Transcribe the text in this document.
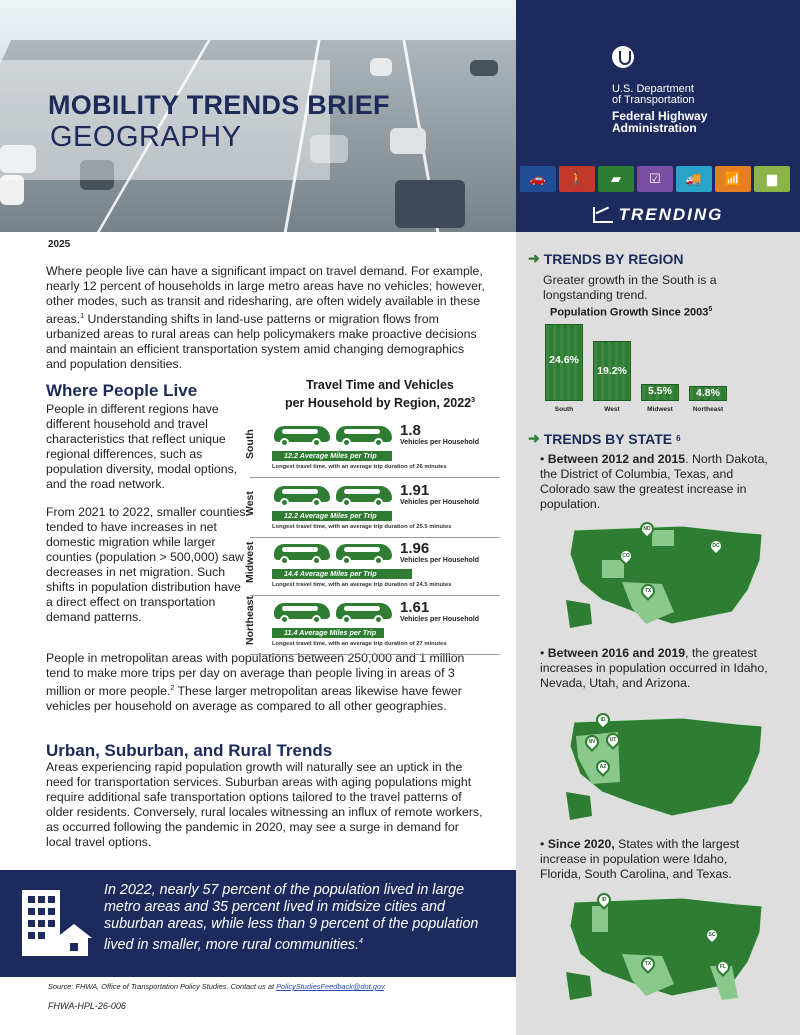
MOBILITY TRENDS BRIEF
GEOGRAPHY
U.S. Department
of Transportation
Federal Highway
Administration
🚗	🚶	▰	☑	🚚	📶	▆
TRENDING
2025
Where people live can have a significant impact on travel demand. For example, nearly 12 percent of households in large metro areas have no vehicles; however, other modes, such as transit and ridesharing, are often widely available in these areas.$^1$ Understanding shifts in land-use patterns or migration flows from urbanized areas to rural areas can help policymakers make proactive decisions and maintain an efficient transportation system amid changing demographics and population densities.
Where People Live
People in different regions have different household and travel characteristics that reflect unique regional differences, such as population diversity, modal options, and the road network.
From 2021 to 2022, smaller counties tended to have increases in net domestic migration while larger counties (population > 500,000) saw decreases in net migration. Such shifts in population distribution have a direct effect on transportation demand patterns.
People in metropolitan areas with populations between 250,000 and 1 million tend to make more trips per day on average than people living in areas of 3 million or more people.$^2$ These larger metropolitan areas likewise have fewer vehicles per household on average as compared to all other geographies.
Urban, Suburban, and Rural Trends
Areas experiencing rapid population growth will naturally see an uptick in the need for transportation services. Suburban areas with aging populations might require additional safe transportation options tailored to the travel patterns of older residents. Conversely, rural locales witnessing an influx of remote workers, as occurred following the pandemic in 2020, may see a surge in demand for local travel options.
Travel Time and Vehicles
per Household by Region, 2022$^3$
South	1.8
Vehicles per Household
12.2 Average Miles per Trip
Longest travel time, with an average trip duration of 26 minutes
West
1.91
Vehicles per Household
12.2 Average Miles per Trip
Longest travel time, with an average trip duration of 25.5 minutes
Midwest	1.96
Vehicles per Household
14.4 Average Miles per Trip
Longest travel time, with an average trip duration of 24.5 minutes
Northeast	1.61
Vehicles per Household
11.4 Average Miles per Trip
Longest travel time, with an average trip duration of 27 minutes
➜ TRENDS BY REGION
Greater growth in the South is a longstanding trend.
Population Growth Since 2003$^5$
24.6%
South
19.2%
West
5.5%
Midwest
4.8%
Northeast
➜ TRENDS BY STATE 6
• Between 2012 and 2015. North Dakota, the District of Columbia, Texas, and Colorado saw the greatest increase in population.
• Between 2016 and 2019, the greatest increases in population occurred in Idaho, Nevada, Utah, and Arizona.
• Since 2020, States with the largest increase in population were Idaho, Florida, South Carolina, and Texas.
ND
CO
DC
TX
ID
NV	UT
AZ
ID
SC
TX	FL
In 2022, nearly 57 percent of the population lived in large metro areas and 35 percent lived in midsize cities and suburban areas, while less than 9 percent of the population lived in smaller, more rural communities.$^4$
Source: FHWA, Office of Transportation Policy Studies. Contact us at PolicyStudiesFeedback@dot.gov.
FHWA-HPL-26-006
